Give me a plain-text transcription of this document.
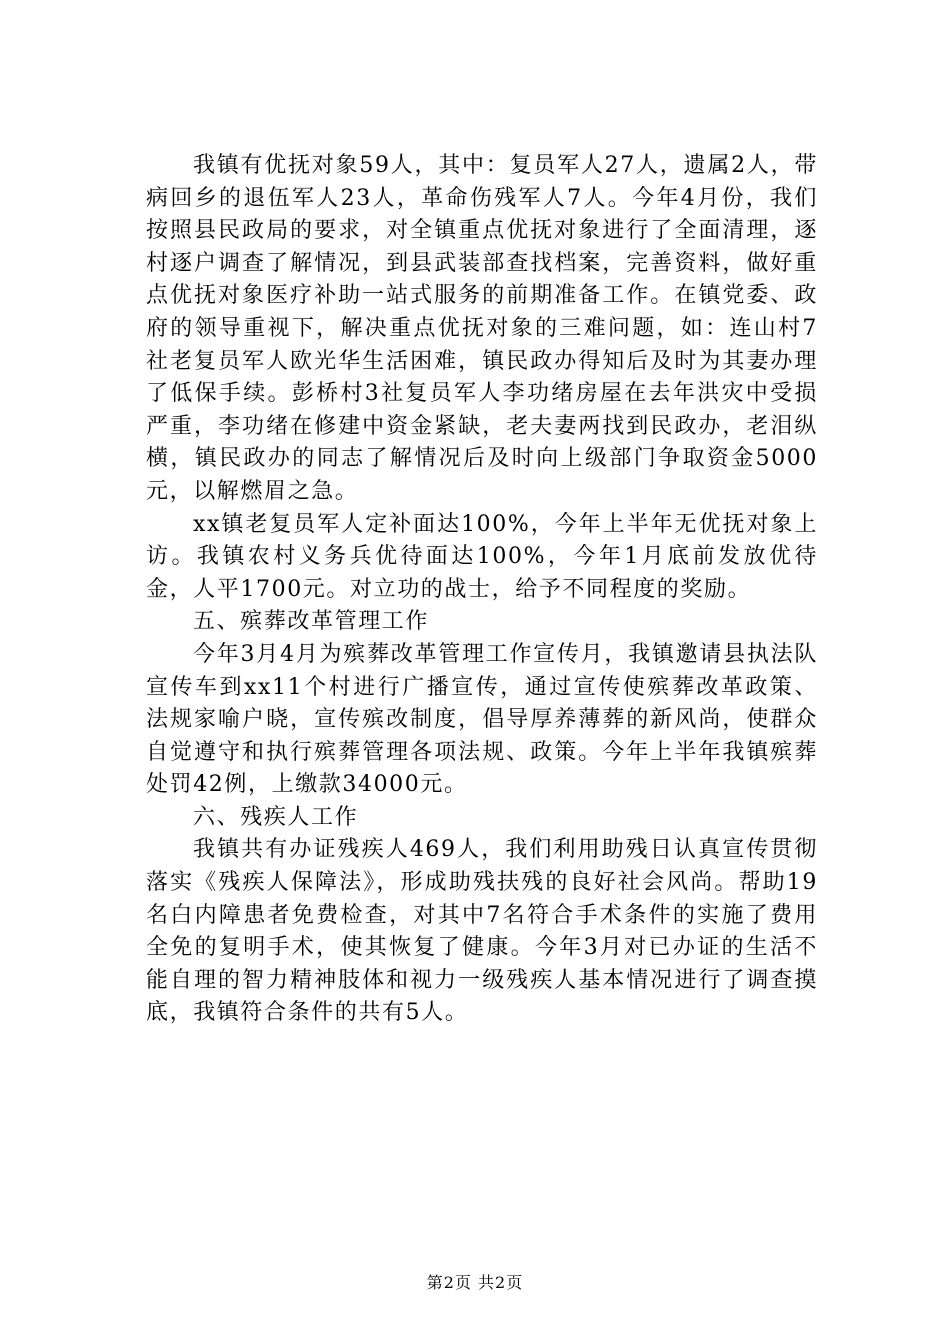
我镇有优抚对象59人，其中：复员军人27人，遗属2人，带病回乡的退伍军人23人，革命伤残军人7人。今年4月份，我们按照县民政局的要求，对全镇重点优抚对象进行了全面清理，逐村逐户调查了解情况，到县武装部查找档案，完善资料，做好重点优抚对象医疗补助一站式服务的前期准备工作。在镇党委、政府的领导重视下，解决重点优抚对象的三难问题，如：连山村7社老复员军人欧光华生活困难，镇民政办得知后及时为其妻办理了低保手续。彭桥村3社复员军人李功绪房屋在去年洪灾中受损严重，李功绪在修建中资金紧缺，老夫妻两找到民政办，老泪纵横，镇民政办的同志了解情况后及时向上级部门争取资金5000元，以解燃眉之急。

xx镇老复员军人定补面达100%，今年上半年无优抚对象上访。我镇农村义务兵优待面达100%，今年1月底前发放优待金，人平1700元。对立功的战士，给予不同程度的奖励。

五、殡葬改革管理工作

今年3月4月为殡葬改革管理工作宣传月，我镇邀请县执法队宣传车到xx11个村进行广播宣传，通过宣传使殡葬改革政策、法规家喻户晓，宣传殡改制度，倡导厚养薄葬的新风尚，使群众自觉遵守和执行殡葬管理各项法规、政策。今年上半年我镇殡葬处罚42例，上缴款34000元。

六、残疾人工作

我镇共有办证残疾人469人，我们利用助残日认真宣传贯彻落实《残疾人保障法》，形成助残扶残的良好社会风尚。帮助19名白内障患者免费检查，对其中7名符合手术条件的实施了费用全免的复明手术，使其恢复了健康。今年3月对已办证的生活不能自理的智力精神肢体和视力一级残疾人基本情况进行了调查摸底，我镇符合条件的共有5人。

第2页 共2页
